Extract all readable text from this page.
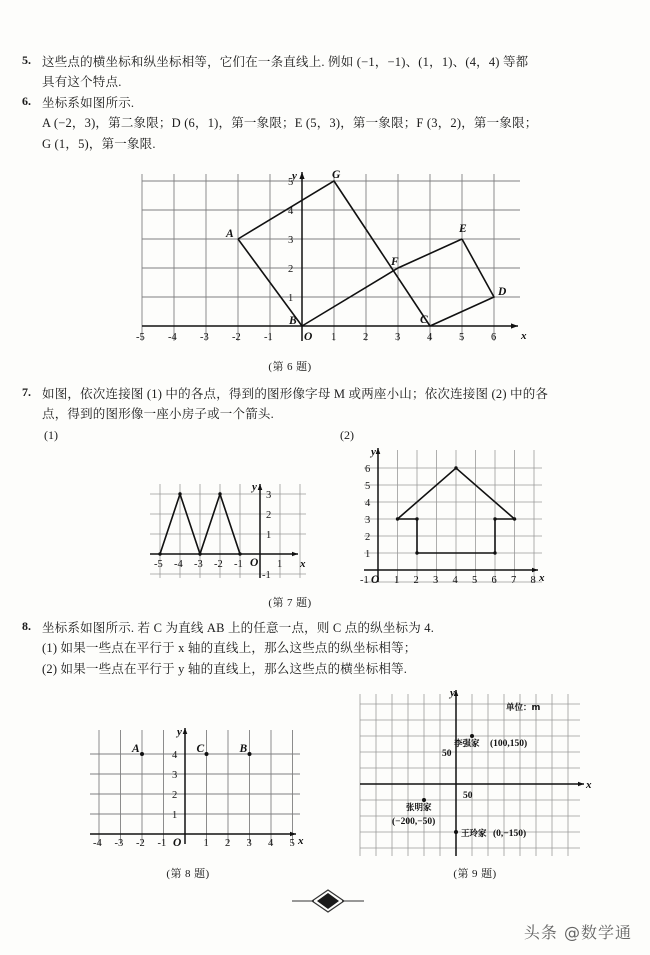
5. 这些点的横坐标和纵坐标相等，它们在一条直线上. 例如 (−1，−1)、(1，1)、(4，4) 等都

具有这个特点.

6. 坐标系如图所示.

A (−2，3)，第二象限；D (6，1)，第一象限；E (5，3)，第一象限；F (3，2)，第一象限；

G (1，5)，第一象限.

-5 -4 -3 -2 -1	1	2	3	4	5	6
1
2
3
4
5
x
y
O
A
B	C
D
E
F
G
(第 6 题)
7. 如图，依次连接图 (1) 中的各点，得到的图形像字母 M 或两座小山；依次连接图 (2) 中的各

点，得到的图形像一座小房子或一个箭头.

(1)	(2)
-5 -4 -3 -2 -1	1
3
2
1
-1
x
y
O
1 2 3 4 5 6 7 8
1
2
3
4
5
6
-1	x
y
O
(第 7 题)
8. 坐标系如图所示. 若 C 为直线 AB 上的任意一点，则 C 点的纵坐标为 4.

(1) 如果一些点在平行于 x 轴的直线上，那么这些点的纵坐标相等；

(2) 如果一些点在平行于 y 轴的直线上，那么这些点的横坐标相等.

-4 -3 -2 -1	1 2 3 4 5
1
2
3
4
x
y
O
A	C	B
(第 8 题)
x
y
单位：m
50
50
李强家 (100,150)
张明家
(−200,−50)
王玲家 (0,−150)
(第 9 题)
头条 @数学通
